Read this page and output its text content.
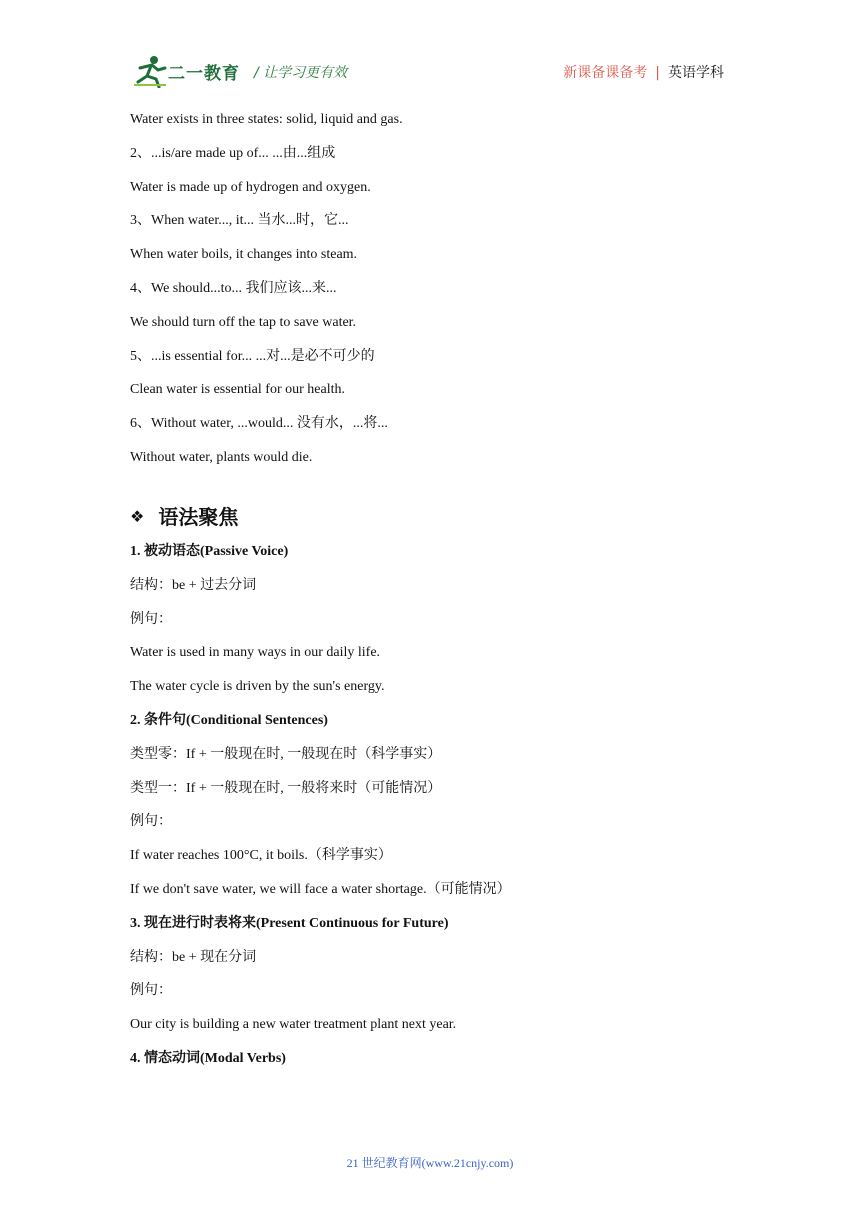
二一教育 / 让学习更有效	新课备课备考 | 英语学科

Water exists in three states: solid, liquid and gas.

2、...is/are made up of... ...由...组成

Water is made up of hydrogen and oxygen.

3、When water..., it... 当水...时，它...

When water boils, it changes into steam.

4、We should...to... 我们应该...来...

We should turn off the tap to save water.

5、...is essential for... ...对...是必不可少的

Clean water is essential for our health.

6、Without water, ...would... 没有水，...将...

Without water, plants would die.

❖ 语法聚焦

1. 被动语态(Passive Voice)

结构：be + 过去分词

例句：

Water is used in many ways in our daily life.

The water cycle is driven by the sun's energy.

2. 条件句(Conditional Sentences)

类型零：If + 一般现在时, 一般现在时（科学事实）

类型一：If + 一般现在时, 一般将来时（可能情况）

例句：

If water reaches 100°C, it boils.（科学事实）

If we don't save water, we will face a water shortage.（可能情况）

3. 现在进行时表将来(Present Continuous for Future)

结构：be + 现在分词

例句：

Our city is building a new water treatment plant next year.

4. 情态动词(Modal Verbs)

21 世纪教育网(www.21cnjy.com)
